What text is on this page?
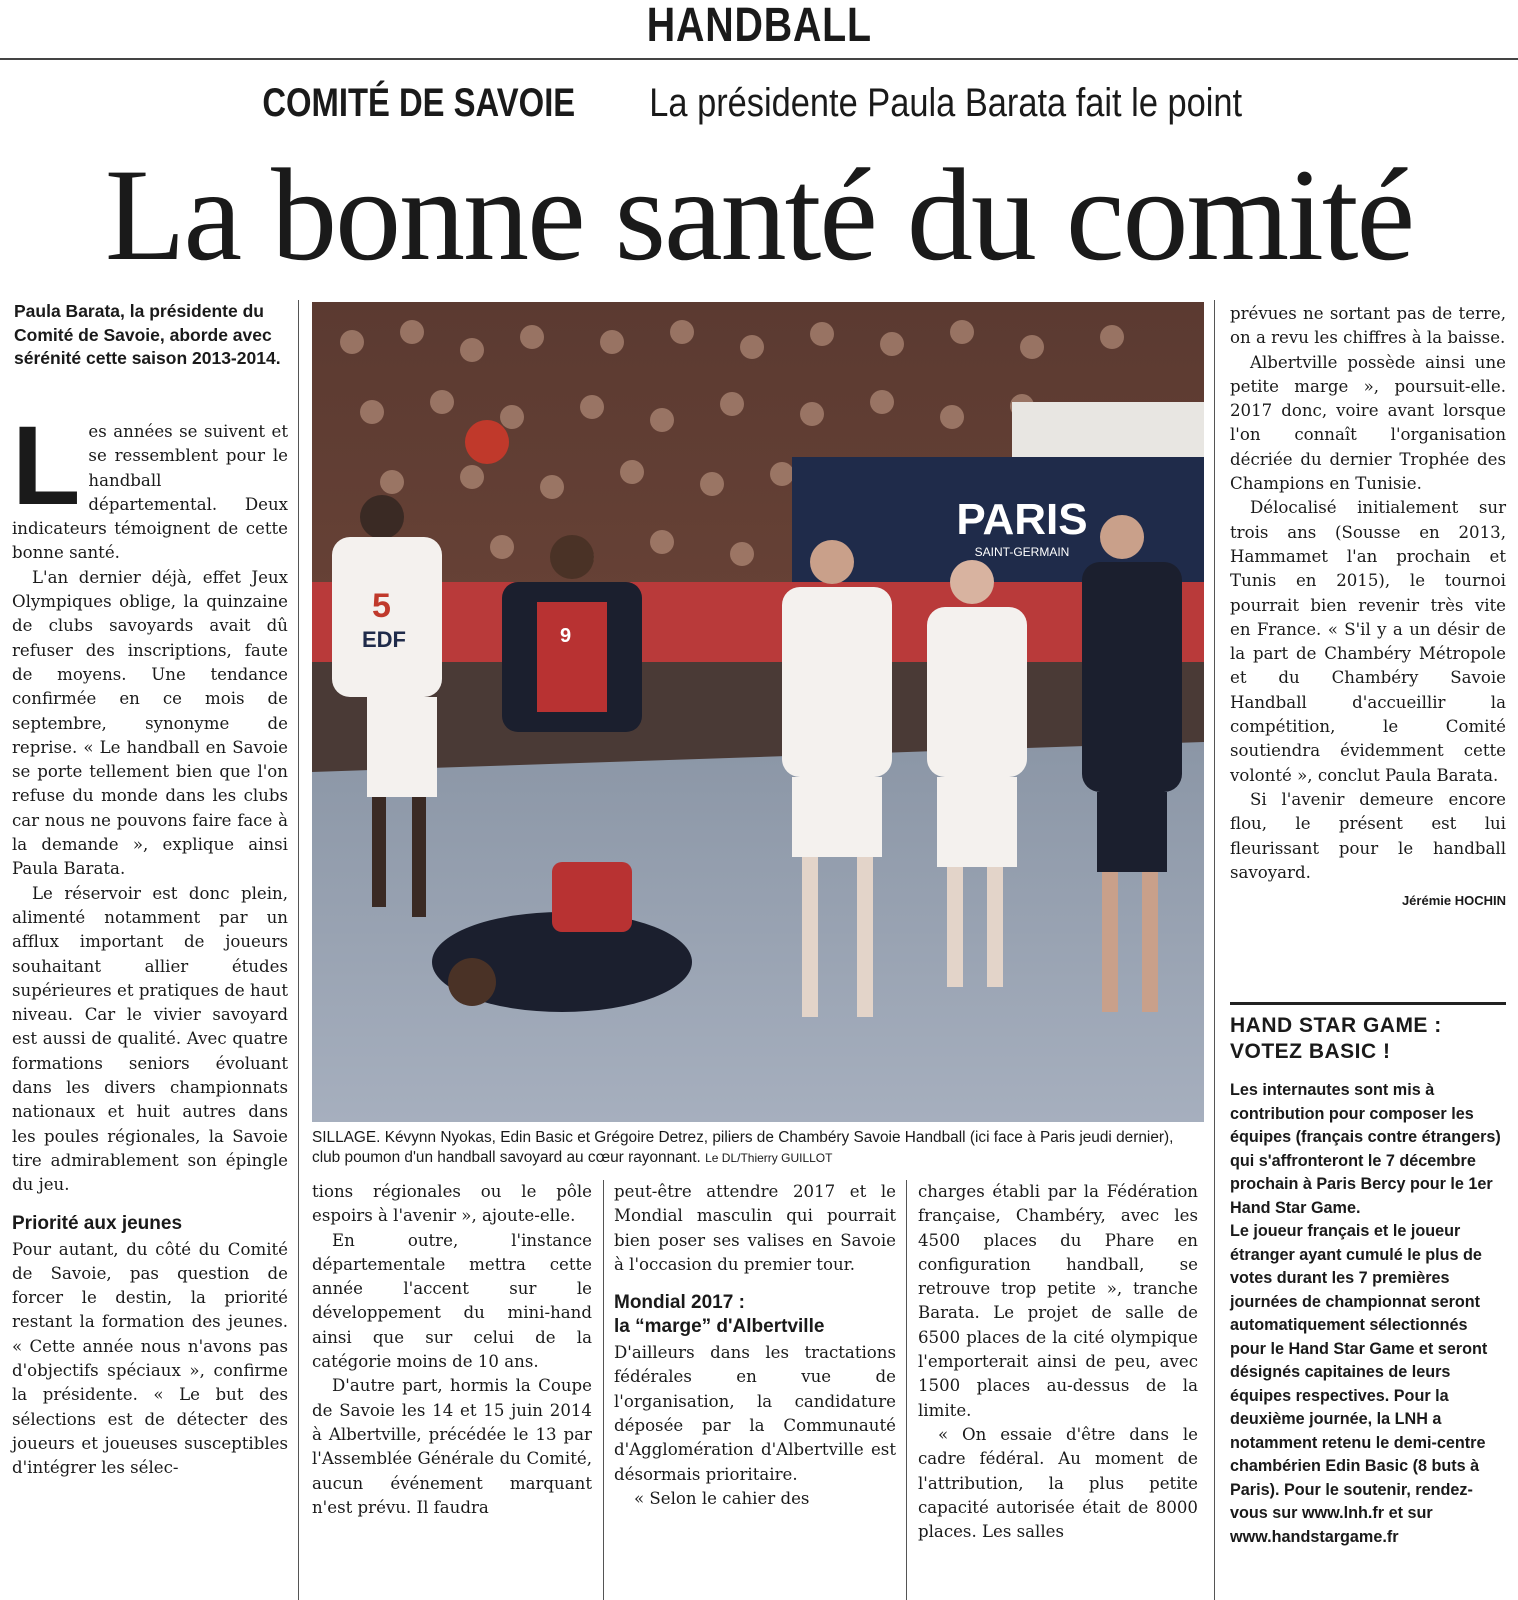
HANDBALL
COMITÉ DE SAVOIE La présidente Paula Barata fait le point
La bonne santé du comité
Paula Barata, la présidente du Comité de Savoie, aborde avec sérénité cette saison 2013-2014.

Les années se suivent et se ressemblent pour le handball départemental. Deux indicateurs témoignent de cette bonne santé.

L'an dernier déjà, effet Jeux Olympiques oblige, la quinzaine de clubs savoyards avait dû refuser des inscriptions, faute de moyens. Une tendance confirmée en ce mois de septembre, synonyme de reprise. « Le handball en Savoie se porte tellement bien que l'on refuse du monde dans les clubs car nous ne pouvons faire face à la demande », explique ainsi Paula Barata.

Le réservoir est donc plein, alimenté notamment par un afflux important de joueurs souhaitant allier études supérieures et pratiques de haut niveau. Car le vivier savoyard est aussi de qualité. Avec quatre formations seniors évoluant dans les divers championnats nationaux et huit autres dans les poules régionales, la Savoie tire admirablement son épingle du jeu.

Priorité aux jeunes

Pour autant, du côté du Comité de Savoie, pas question de forcer le destin, la priorité restant la formation des jeunes. « Cette année nous n'avons pas d'objectifs spéciaux », confirme la présidente. « Le but des sélections est de détecter des joueurs et joueuses susceptibles d'intégrer les sélec-

PARIS
SAINT-GERMAIN
5
EDF	9
SILLAGE. Kévynn Nyokas, Edin Basic et Grégoire Detrez, piliers de Chambéry Savoie Handball (ici face à Paris jeudi dernier), club poumon d'un handball savoyard au cœur rayonnant. Le DL/Thierry GUILLOT

tions régionales ou le pôle espoirs à l'avenir », ajoute-elle.

En outre, l'instance départementale mettra cette année l'accent sur le développement du mini-hand ainsi que sur celui de la catégorie moins de 10 ans.

D'autre part, hormis la Coupe de Savoie les 14 et 15 juin 2014 à Albertville, précédée le 13 par l'Assemblée Générale du Comité, aucun événement marquant n'est prévu. Il faudra

peut-être attendre 2017 et le Mondial masculin qui pourrait bien poser ses valises en Savoie à l'occasion du premier tour.

Mondial 2017 :
la “marge” d'Albertville

D'ailleurs dans les tractations fédérales en vue de l'organisation, la candidature déposée par la Communauté d'Agglomération d'Albertville est désormais prioritaire.

« Selon le cahier des

charges établi par la Fédération française, Chambéry, avec les 4500 places du Phare en configuration handball, se retrouve trop petite », tranche Barata. Le projet de salle de 6500 places de la cité olympique l'emporterait ainsi de peu, avec 1500 places au-dessus de la limite.

« On essaie d'être dans le cadre fédéral. Au moment de l'attribution, la plus petite capacité autorisée était de 8000 places. Les salles

prévues ne sortant pas de terre, on a revu les chiffres à la baisse.

Albertville possède ainsi une petite marge », poursuit-elle. 2017 donc, voire avant lorsque l'on connaît l'organisation décriée du dernier Trophée des Champions en Tunisie.

Délocalisé initialement sur trois ans (Sousse en 2013, Hammamet l'an prochain et Tunis en 2015), le tournoi pourrait bien revenir très vite en France. « S'il y a un désir de la part de Chambéry Métropole et du Chambéry Savoie Handball d'accueillir la compétition, le Comité soutiendra évidemment cette volonté », conclut Paula Barata.

Si l'avenir demeure encore flou, le présent est lui fleurissant pour le handball savoyard.

Jérémie HOCHIN
HAND STAR GAME :
VOTEZ BASIC !
Les internautes sont mis à contribution pour composer les équipes (français contre étrangers) qui s'affronteront le 7 décembre prochain à Paris Bercy pour le 1er Hand Star Game.
Le joueur français et le joueur étranger ayant cumulé le plus de votes durant les 7 premières journées de championnat seront automatiquement sélectionnés pour le Hand Star Game et seront désignés capitaines de leurs équipes respectives. Pour la deuxième journée, la LNH a notamment retenu le demi-centre chambérien Edin Basic (8 buts à Paris). Pour le soutenir, rendez-vous sur www.lnh.fr et sur www.handstargame.fr
